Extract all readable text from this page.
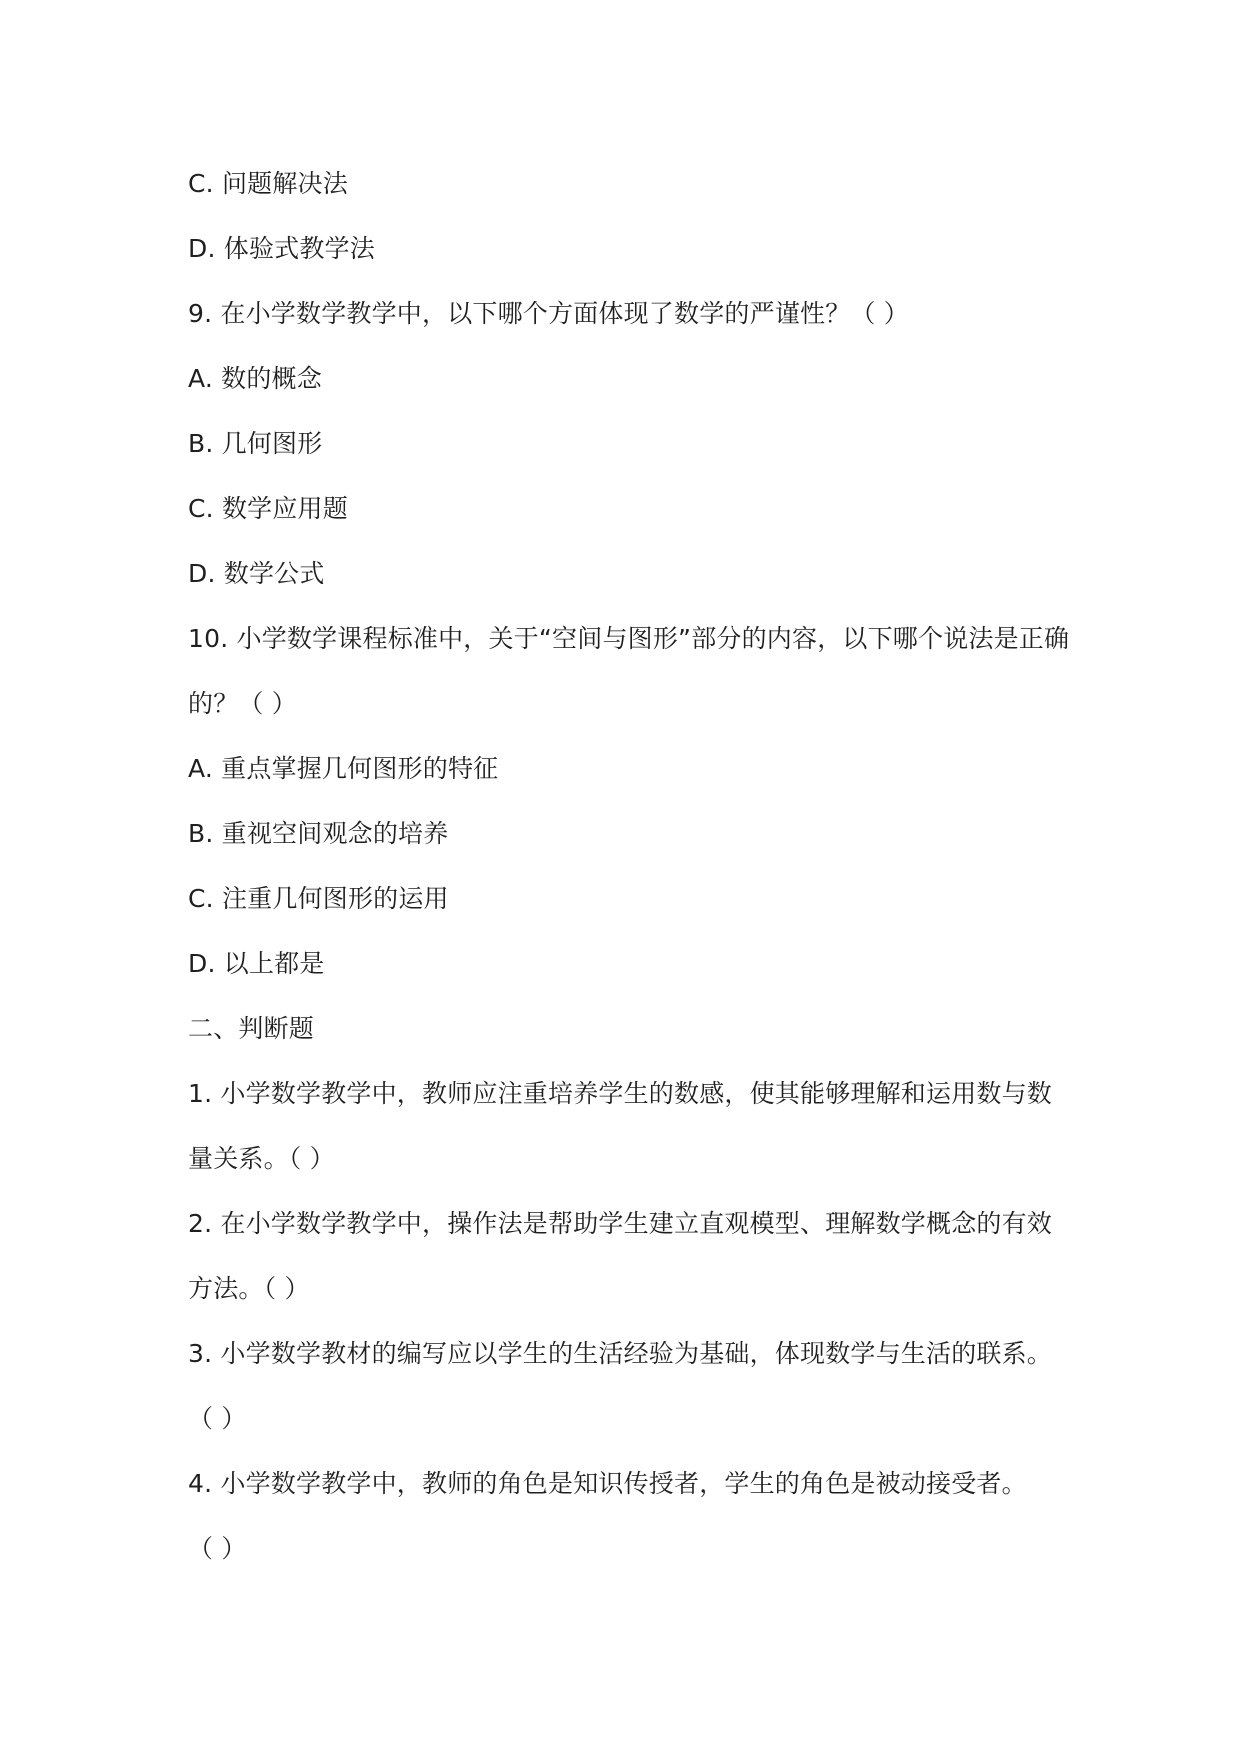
C. 问题解决法
D. 体验式教学法
9. 在小学数学教学中，以下哪个方面体现了数学的严谨性？（ ）
A. 数的概念
B. 几何图形
C. 数学应用题
D. 数学公式
10. 小学数学课程标准中，关于“空间与图形”部分的内容，以下哪个说法是正确
的？（ ）
A. 重点掌握几何图形的特征
B. 重视空间观念的培养
C. 注重几何图形的运用
D. 以上都是
二、判断题
1. 小学数学教学中，教师应注重培养学生的数感，使其能够理解和运用数与数
量关系。（ ）
2. 在小学数学教学中，操作法是帮助学生建立直观模型、理解数学概念的有效
方法。（ ）
3. 小学数学教材的编写应以学生的生活经验为基础，体现数学与生活的联系。
（ ）
4. 小学数学教学中，教师的角色是知识传授者，学生的角色是被动接受者。
（ ）
